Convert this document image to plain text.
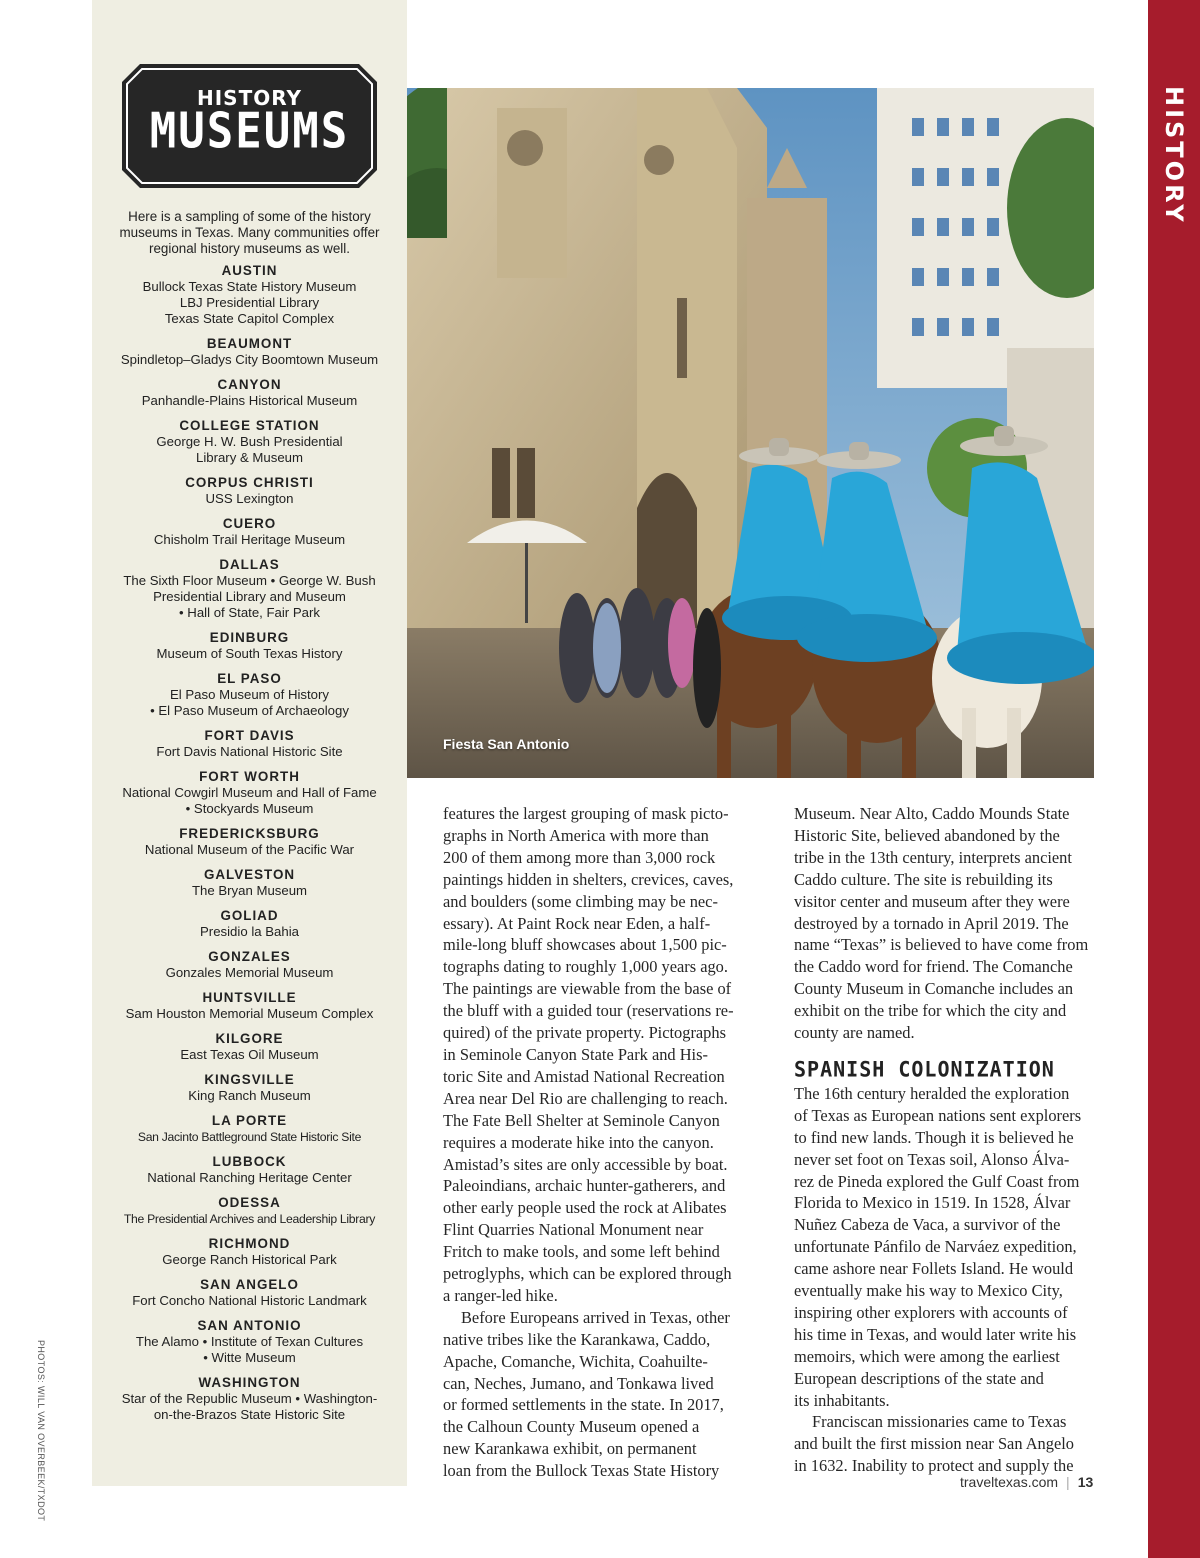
HISTORY
MUSEUMS
Here is a sampling of some of the history museums in Texas. Many communities offer regional history museums as well.
AUSTIN
Bullock Texas State History Museum
LBJ Presidential Library
Texas State Capitol Complex
BEAUMONT
Spindletop–Gladys City Boomtown Museum
CANYON
Panhandle-Plains Historical Museum
COLLEGE STATION
George H. W. Bush Presidential
Library & Museum
CORPUS CHRISTI
USS Lexington
CUERO
Chisholm Trail Heritage Museum
DALLAS
The Sixth Floor Museum • George W. Bush
Presidential Library and Museum
• Hall of State, Fair Park
EDINBURG
Museum of South Texas History
EL PASO
El Paso Museum of History
• El Paso Museum of Archaeology
FORT DAVIS
Fort Davis National Historic Site
FORT WORTH
National Cowgirl Museum and Hall of Fame
• Stockyards Museum
FREDERICKSBURG
National Museum of the Pacific War
GALVESTON
The Bryan Museum
GOLIAD
Presidio la Bahia
GONZALES
Gonzales Memorial Museum
HUNTSVILLE
Sam Houston Memorial Museum Complex
KILGORE
East Texas Oil Museum
KINGSVILLE
King Ranch Museum
LA PORTE
San Jacinto Battleground State Historic Site
LUBBOCK
National Ranching Heritage Center
ODESSA
The Presidential Archives and Leadership Library
RICHMOND
George Ranch Historical Park
SAN ANGELO
Fort Concho National Historic Landmark
SAN ANTONIO
The Alamo • Institute of Texan Cultures
• Witte Museum
WASHINGTON
Star of the Republic Museum • Washington-
on-the-Brazos State Historic Site
PHOTOS: WILL VAN OVERBEEK/TXDOT
HISTORY
Fiesta San Antonio

features the largest grouping of mask picto-
graphs in North America with more than
200 of them among more than 3,000 rock
paintings hidden in shelters, crevices, caves,
and boulders (some climbing may be nec-
essary). At Paint Rock near Eden, a half-
mile-long bluff showcases about 1,500 pic-
tographs dating to roughly 1,000 years ago.
The paintings are viewable from the base of
the bluff with a guided tour (reservations re-
quired) of the private property. Pictographs
in Seminole Canyon State Park and His-
toric Site and Amistad National Recreation
Area near Del Rio are challenging to reach.
The Fate Bell Shelter at Seminole Canyon
requires a moderate hike into the canyon.
Amistad’s sites are only accessible by boat.
Paleoindians, archaic hunter-gatherers, and
other early people used the rock at Alibates
Flint Quarries National Monument near
Fritch to make tools, and some left behind
petroglyphs, which can be explored through
a ranger-led hike.

Before Europeans arrived in Texas, other
native tribes like the Karankawa, Caddo,
Apache, Comanche, Wichita, Coahuilte-
can, Neches, Jumano, and Tonkawa lived
or formed settlements in the state. In 2017,
the Calhoun County Museum opened a
new Karankawa exhibit, on permanent
loan from the Bullock Texas State History

Museum. Near Alto, Caddo Mounds State
Historic Site, believed abandoned by the
tribe in the 13th century, interprets ancient
Caddo culture. The site is rebuilding its
visitor center and museum after they were
destroyed by a tornado in April 2019. The
name “Texas” is believed to have come from
the Caddo word for friend. The Comanche
County Museum in Comanche includes an
exhibit on the tribe for which the city and
county are named.

SPANISH COLONIZATION

The 16th century heralded the exploration
of Texas as European nations sent explorers
to find new lands. Though it is believed he
never set foot on Texas soil, Alonso Álva-
rez de Pineda explored the Gulf Coast from
Florida to Mexico in 1519. In 1528, Álvar
Nuñez Cabeza de Vaca, a survivor of the
unfortunate Pánfilo de Narváez expedition,
came ashore near Follets Island. He would
eventually make his way to Mexico City,
inspiring other explorers with accounts of
his time in Texas, and would later write his
memoirs, which were among the earliest
European descriptions of the state and
its inhabitants.

Franciscan missionaries came to Texas
and built the first mission near San Angelo
in 1632. Inability to protect and supply the

traveltexas.com | 13
